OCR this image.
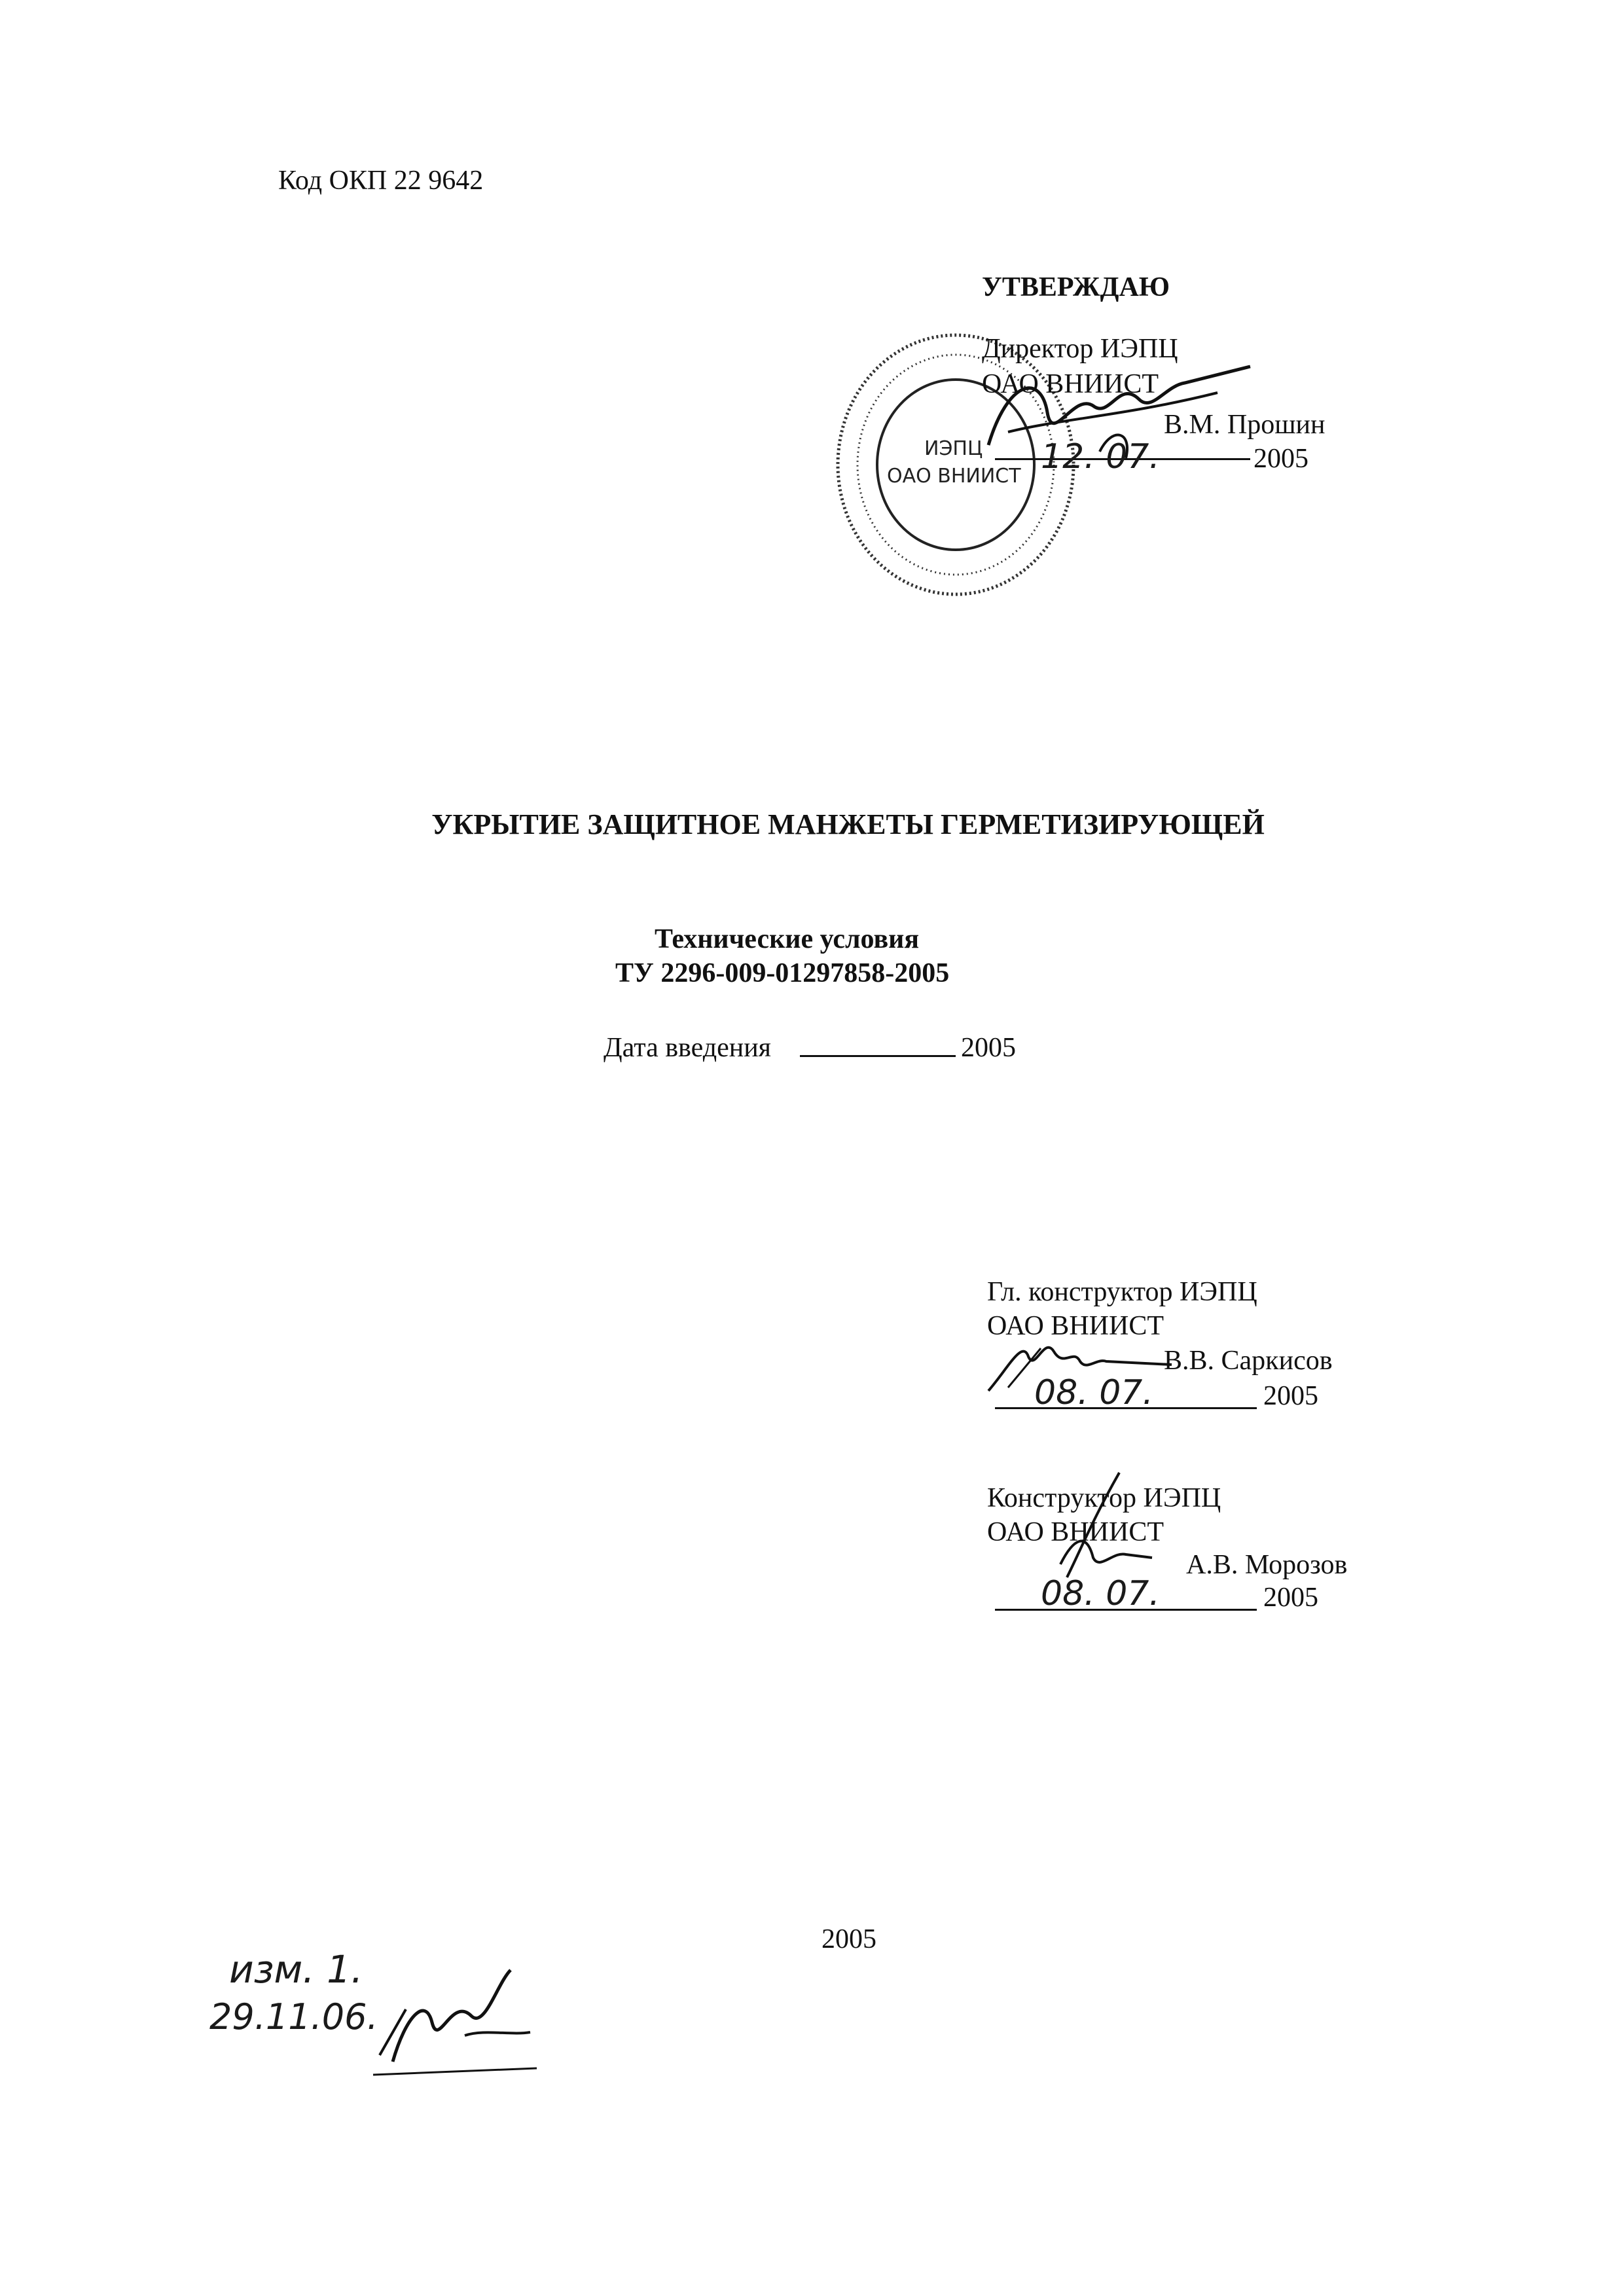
Код ОКП 22 9642
УТВЕРЖДАЮ
ИЭПЦ
ОАО ВНИИСТ
Директор ИЭПЦ
ОАО ВНИИСТ
В.М. Прошин
12. 07.	2005
УКРЫТИЕ ЗАЩИТНОЕ МАНЖЕТЫ ГЕРМЕТИЗИРУЮЩЕЙ
Технические условия
ТУ 2296-009-01297858-2005
Дата введения	2005
Гл. конструктор ИЭПЦ
ОАО ВНИИСТ
В.В. Саркисов
08. 07.	2005
Конструктор ИЭПЦ
ОАО ВНИИСТ
А.В. Морозов
08. 07.	2005
2005
изм. 1.
29.11.06.
